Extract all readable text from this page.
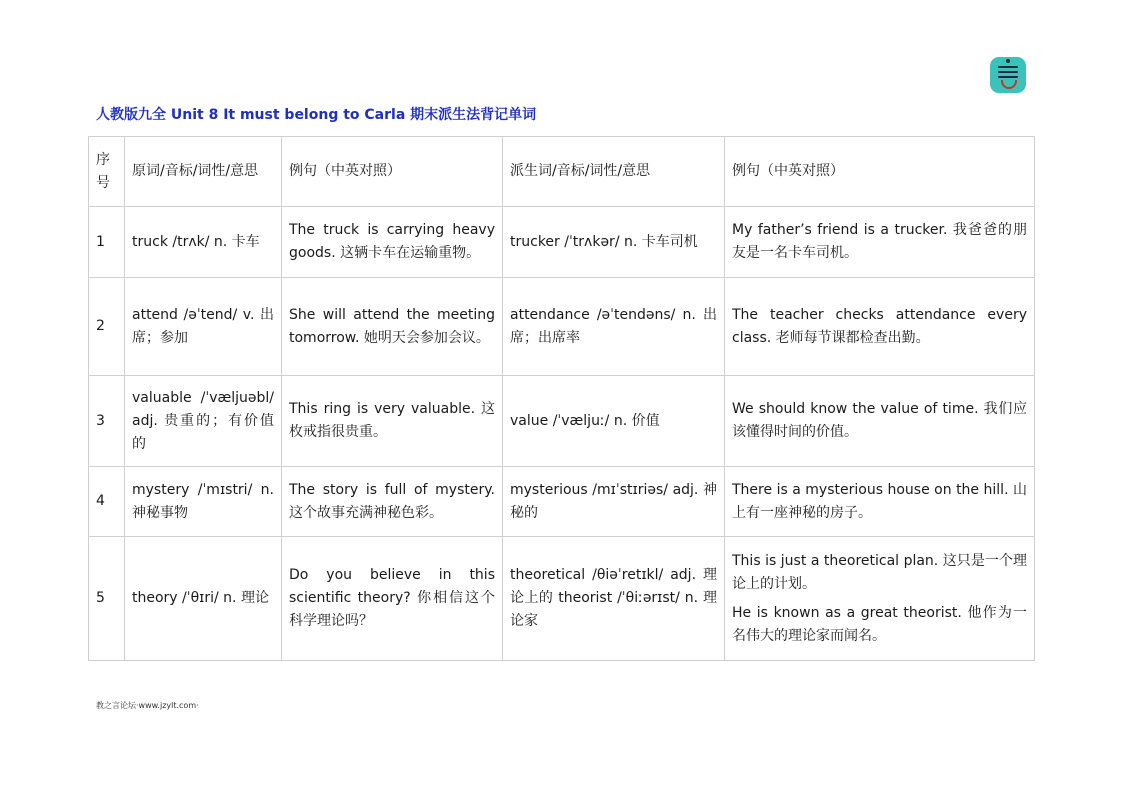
人教版九全 Unit 8 It must belong to Carla 期末派生法背记单词
序号	原词/音标/词性/意思	例句（中英对照）	派生词/音标/词性/意思	例句（中英对照）
1	truck /trʌk/ n. 卡车	The truck is carrying heavy goods. 这辆卡车在运输重物。	trucker /ˈtrʌkər/ n. 卡车司机	My father’s friend is a trucker. 我爸爸的朋友是一名卡车司机。

2	attend /əˈtend/ v. 出席；参加	She will attend the meeting tomorrow. 她明天会参加会议。	attendance /əˈtendəns/ n. 出席；出席率	The teacher checks attendance every class. 老师每节课都检查出勤。

3	valuable /ˈvæljuəbl/ adj. 贵重的；有价值的	This ring is very valuable. 这枚戒指很贵重。	value /ˈvæljuː/ n. 价值	We should know the value of time. 我们应该懂得时间的价值。

4	mystery /ˈmɪstri/ n. 神秘事物	The story is full of mystery. 这个故事充满神秘色彩。	mysterious /mɪˈstɪriəs/ adj. 神秘的	There is a mysterious house on the hill. 山上有一座神秘的房子。

5	theory /ˈθɪri/ n. 理论	Do you believe in this scientific theory? 你相信这个科学理论吗？	theoretical /θiəˈretɪkl/ adj. 理论上的 theorist /ˈθiːərɪst/ n. 理论家	This is just a theoretical plan. 这只是一个理论上的计划。

He is known as a great theorist. 他作为一名伟大的理论家而闻名。

教之言论坛·www.jzylt.com·
